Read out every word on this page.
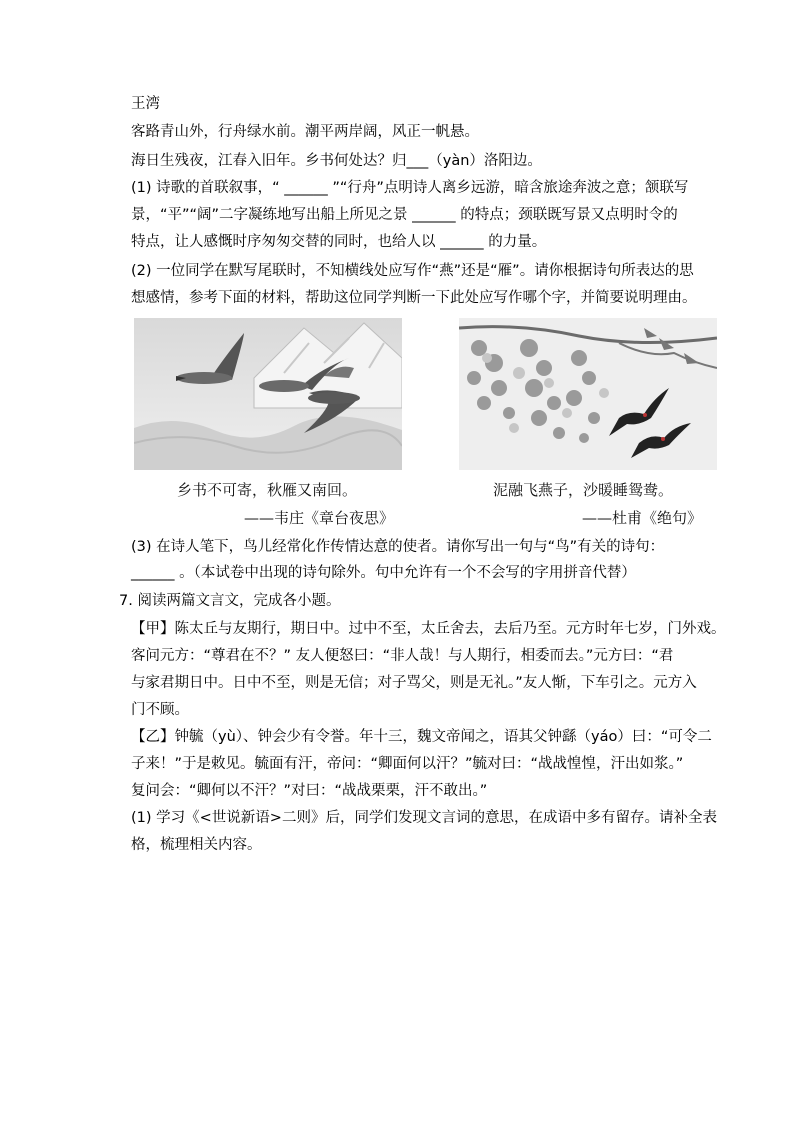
王湾
客路青山外，行舟绿水前。潮平两岸阔，风正一帆悬。
海日生残夜，江春入旧年。乡书何处达？归___（yàn）洛阳边。
(1) 诗歌的首联叙事，“ ______ ”“行舟”点明诗人离乡远游，暗含旅途奔波之意；颔联写
景，“平”“阔”二字凝练地写出船上所见之景 ______ 的特点；颈联既写景又点明时令的
特点，让人感慨时序匆匆交替的同时，也给人以 ______ 的力量。
(2) 一位同学在默写尾联时，不知横线处应写作“燕”还是“雁”。请你根据诗句所表达的思
想感情，参考下面的材料，帮助这位同学判断一下此处应写作哪个字，并简要说明理由。
乡书不可寄，秋雁又南回。
——韦庄《章台夜思》
泥融飞燕子，沙暖睡鸳鸯。
——杜甫《绝句》
(3) 在诗人笔下，鸟儿经常化作传情达意的使者。请你写出一句与“鸟”有关的诗句：
______ 。（本试卷中出现的诗句除外。句中允许有一个不会写的字用拼音代替）
7. 阅读两篇文言文，完成各小题。
【甲】陈太丘与友期行，期日中。过中不至，太丘舍去，去后乃至。元方时年七岁，门外戏。
客问元方：“尊君在不？” 友人便怒曰：“非人哉！与人期行，相委而去。”元方曰：“君
与家君期日中。日中不至，则是无信；对子骂父，则是无礼。”友人惭，下车引之。元方入
门不顾。
【乙】钟毓（yù）、钟会少有令誉。年十三，魏文帝闻之，语其父钟繇（yáo）曰：“可令二
子来！”于是敕见。毓面有汗，帝问：“卿面何以汗？”毓对曰：“战战惶惶，汗出如浆。”
复问会：“卿何以不汗？”对曰：“战战栗栗，汗不敢出。”
(1) 学习《<世说新语>二则》后，同学们发现文言词的意思，在成语中多有留存。请补全表
格，梳理相关内容。
